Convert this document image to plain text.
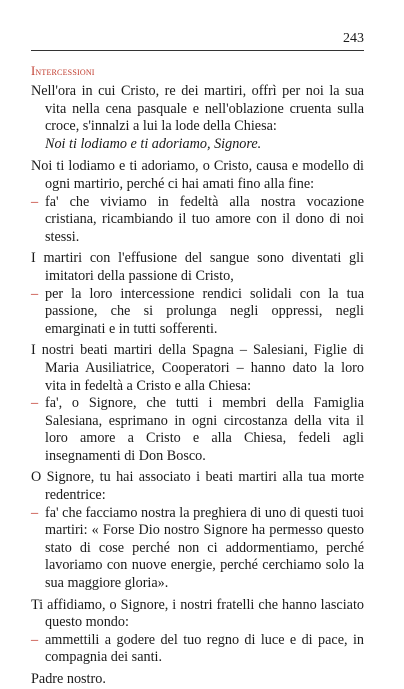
243
Intercessioni
Nell'ora in cui Cristo, re dei martiri, offrì per noi la sua vita nella cena pasquale e nell'oblazione cruenta sulla croce, s'innalzi a lui la lode della Chiesa:
Noi ti lodiamo e ti adoriamo, Signore.
Noi ti lodiamo e ti adoriamo, o Cristo, causa e modello di ogni martirio, perché ci hai amati fino alla fine:
– fa' che viviamo in fedeltà alla nostra vocazione cristiana, ricambiando il tuo amore con il dono di noi stessi.
I martiri con l'effusione del sangue sono diventati gli imitatori della passione di Cristo,
– per la loro intercessione rendici solidali con la tua passione, che si prolunga negli oppressi, negli emarginati e in tutti sofferenti.
I nostri beati martiri della Spagna – Salesiani, Figlie di Maria Ausiliatrice, Cooperatori – hanno dato la loro vita in fedeltà a Cristo e alla Chiesa:
– fa', o Signore, che tutti i membri della Famiglia Salesiana, esprimano in ogni circostanza della vita il loro amore a Cristo e alla Chiesa, fedeli agli insegnamenti di Don Bosco.
O Signore, tu hai associato i beati martiri alla tua morte redentrice:
– fa' che facciamo nostra la preghiera di uno di questi tuoi martiri: « Forse Dio nostro Signore ha permesso questo stato di cose perché non ci addormentiamo, perché lavoriamo con nuove energie, perché cerchiamo solo la sua maggiore gloria».
Ti affidiamo, o Signore, i nostri fratelli che hanno lasciato questo mondo:
– ammettili a godere del tuo regno di luce e di pace, in compagnia dei santi.
Padre nostro.
